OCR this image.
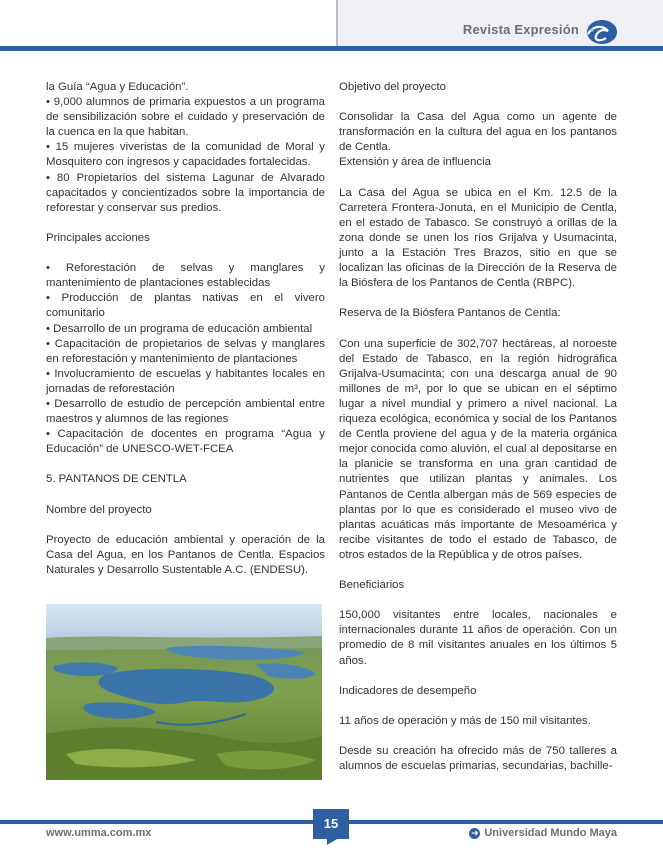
Revista Expresión

la Guía “Agua y Educación”.

• 9,000 alumnos de primaria expuestos a un programa de sensibilización sobre el cuidado y preservación de la cuenca en la que habitan.

• 15 mujeres viveristas de la comunidad de Moral y Mosquitero con ingresos y capacidades fortalecidas.

• 80 Propietarios del sistema Lagunar de Alvarado capacitados y concientizados sobre la importancia de reforestar y conservar sus predios.

Principales acciones

• Reforestación de selvas y manglares y mantenimiento de plantaciones establecidas

• Producción de plantas nativas en el vivero comunitario

• Desarrollo de un programa de educación ambiental

• Capacitación de propietarios de selvas y manglares en reforestación y mantenimiento de plantaciones

• Involucramiento de escuelas y habitantes locales en jornadas de reforestación

• Desarrollo de estudio de percepción ambiental entre maestros y alumnos de las regiones

• Capacitación de docentes en programa “Agua y Educación” de UNESCO-WET-FCEA

5. PANTANOS DE CENTLA

Nombre del proyecto

Proyecto de educación ambiental y operación de la Casa del Agua, en los Pantanos de Centla. Espacios Naturales y Desarrollo Sustentable A.C. (ENDESU).

Objetivo del proyecto

Consolidar la Casa del Agua como un agente de transformación en la cultura del agua en los pantanos de Centla.

Extensión y área de influencia

La Casa del Agua se ubica en el Km. 12.5 de la Carretera Frontera-Jonuta, en el Municipio de Centla, en el estado de Tabasco. Se construyó a orillas de la zona donde se unen los ríos Grijalva y Usumacinta, junto a la Estación Tres Brazos, sitio en que se localizan las oficinas de la Dirección de la Reserva de la Biósfera de los Pantanos de Centla (RBPC).

Reserva de la Biósfera Pantanos de Centla:

Con una superficie de 302,707 hectáreas, al noroeste del Estado de Tabasco, en la región hidrográfica Grijalva-Usumacinta; con una descarga anual de 90 millones de m³, por lo que se ubican en el séptimo lugar a nivel mundial y primero a nivel nacional. La riqueza ecológica, económica y social de los Pantanos de Centla proviene del agua y de la materia orgánica mejor conocida como aluvión, el cual al depositarse en la planicie se transforma en una gran cantidad de nutrientes que utilizan plantas y animales. Los Pantanos de Centla albergan más de 569 especies de plantas por lo que es considerado el museo vivo de plantas acuáticas más importante de Mesoamérica y recibe visitantes de todo el estado de Tabasco, de otros estados de la República y de otros países.

Beneficiarios

150,000 visitantes entre locales, nacionales e internacionales durante 11 años de operación. Con un promedio de 8 mil visitantes anuales en los últimos 5 años.

Indicadores de desempeño

11 años de operación y más de 150 mil visitantes.

Desde su creación ha ofrecido más de 750 talleres a alumnos de escuelas primarias, secundarias, bachille-

www.umma.com.mx
15
➜ Universidad Mundo Maya
